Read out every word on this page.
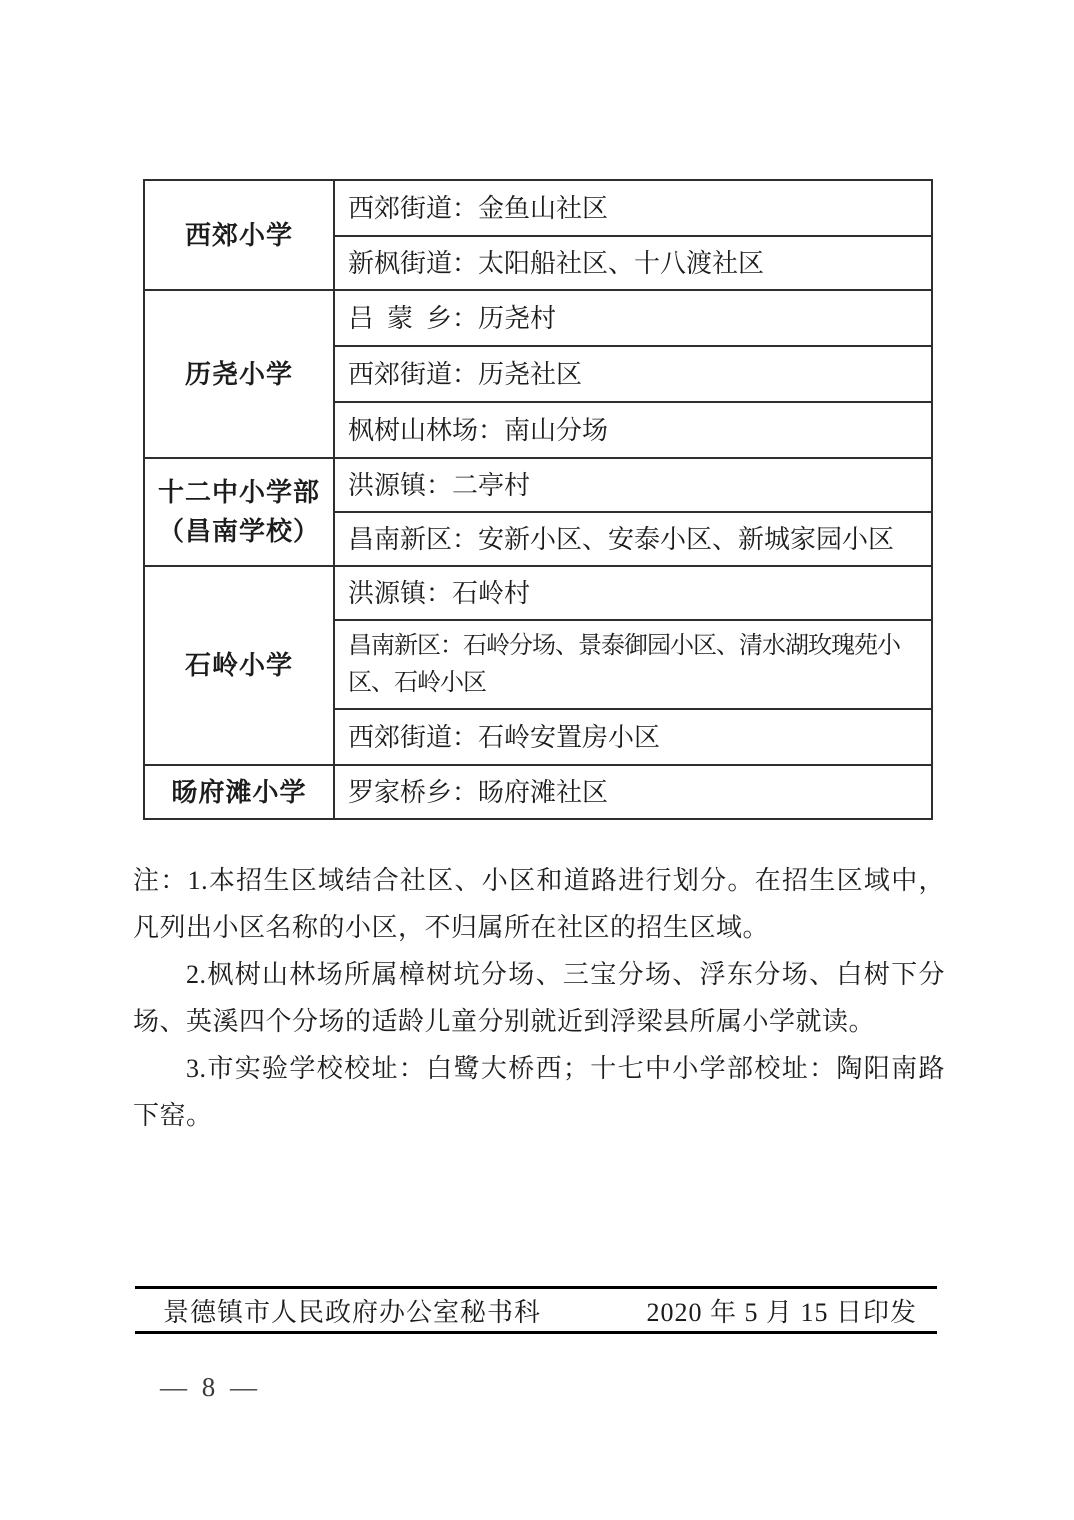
西郊小学	西郊街道：金鱼山社区
	新枫街道：太阳船社区、十八渡社区
历尧小学	吕 蒙 乡：历尧村
	西郊街道：历尧社区
	枫树山林场：南山分场
十二中小学部（昌南学校）	洪源镇：二亭村
	昌南新区：安新小区、安泰小区、新城家园小区
石岭小学	洪源镇：石岭村
	昌南新区：石岭分场、景泰御园小区、清水湖玫瑰苑小区、石岭小区
	西郊街道：石岭安置房小区
旸府滩小学	罗家桥乡：旸府滩社区

注：1.本招生区域结合社区、小区和道路进行划分。在招生区域中，凡列出小区名称的小区，不归属所在社区的招生区域。

2.枫树山林场所属樟树坑分场、三宝分场、浮东分场、白树下分场、英溪四个分场的适龄儿童分别就近到浮梁县所属小学就读。

3.市实验学校校址：白鹭大桥西；十七中小学部校址：陶阳南路下窑。

景德镇市人民政府办公室秘书科	2020 年 5 月 15 日印发
— 8 —
